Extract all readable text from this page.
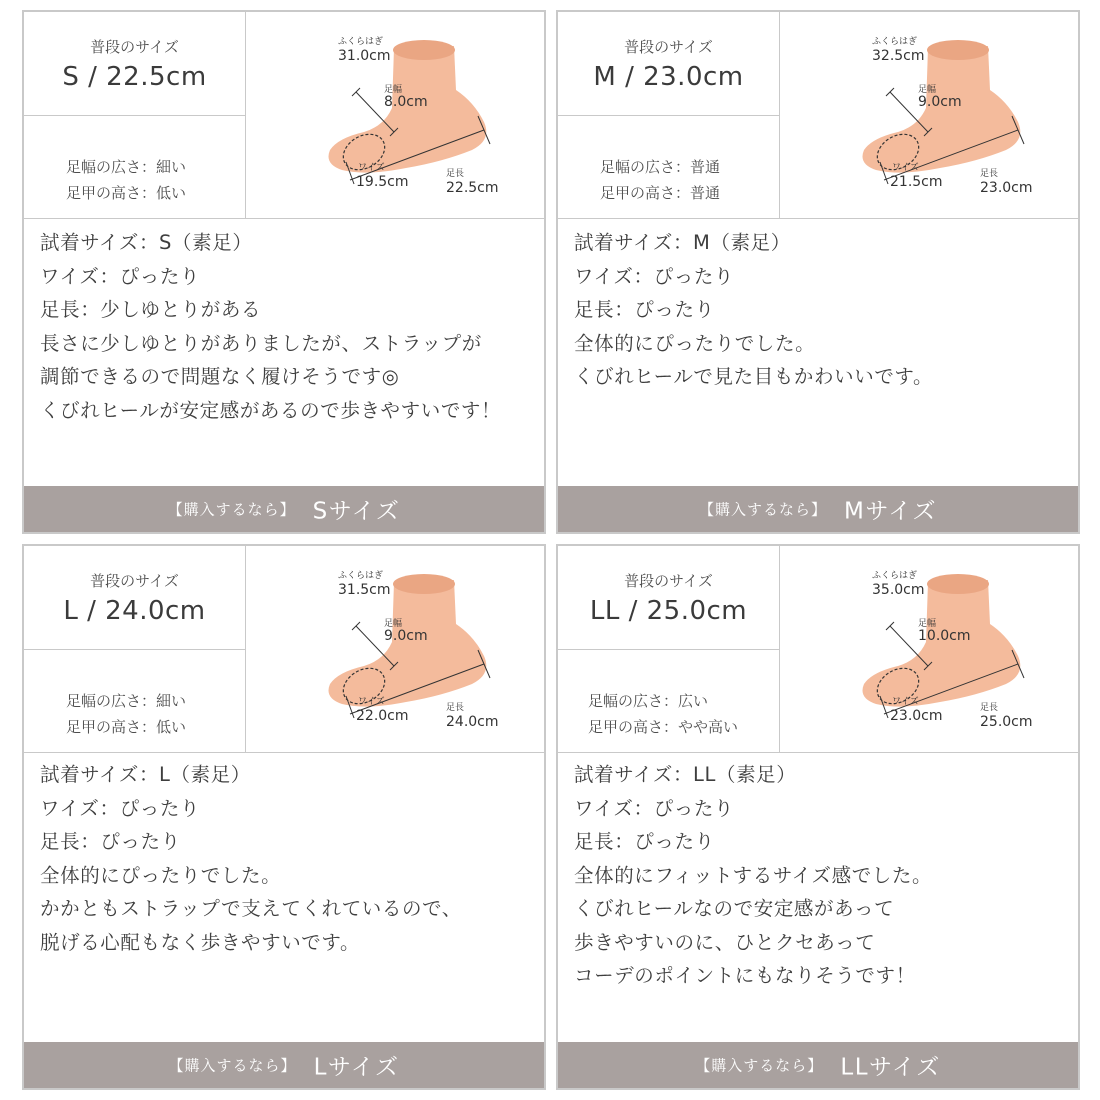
普段のサイズ
S / 22.5cm
足幅の広さ：細い
足甲の高さ：低い
ふくらはぎ
31.0cm
足幅
8.0cm
ワイズ
19.5cm	足長
22.5cm
試着サイズ：S（素足）
ワイズ：ぴったり
足長：少しゆとりがある
長さに少しゆとりがありましたが、ストラップが
調節できるので問題なく履けそうです◎
くびれヒールが安定感があるので歩きやすいです！
【購入するなら】 Sサイズ
普段のサイズ
M / 23.0cm
足幅の広さ：普通
足甲の高さ：普通
ふくらはぎ
32.5cm
足幅
9.0cm
ワイズ
21.5cm	足長
23.0cm
試着サイズ：M（素足）
ワイズ：ぴったり
足長：ぴったり
全体的にぴったりでした。
くびれヒールで見た目もかわいいです。
【購入するなら】 Mサイズ
普段のサイズ
L / 24.0cm
足幅の広さ：細い
足甲の高さ：低い
ふくらはぎ
31.5cm
足幅
9.0cm
ワイズ
22.0cm	足長
24.0cm
試着サイズ：L（素足）
ワイズ：ぴったり
足長：ぴったり
全体的にぴったりでした。
かかともストラップで支えてくれているので、
脱げる心配もなく歩きやすいです。
【購入するなら】 Lサイズ
普段のサイズ
LL / 25.0cm
足幅の広さ：広い
足甲の高さ：やや高い
ふくらはぎ
35.0cm
足幅
10.0cm
ワイズ
23.0cm	足長
25.0cm
試着サイズ：LL（素足）
ワイズ：ぴったり
足長：ぴったり
全体的にフィットするサイズ感でした。
くびれヒールなので安定感があって
歩きやすいのに、ひとクセあって
コーデのポイントにもなりそうです！
【購入するなら】 LLサイズ
